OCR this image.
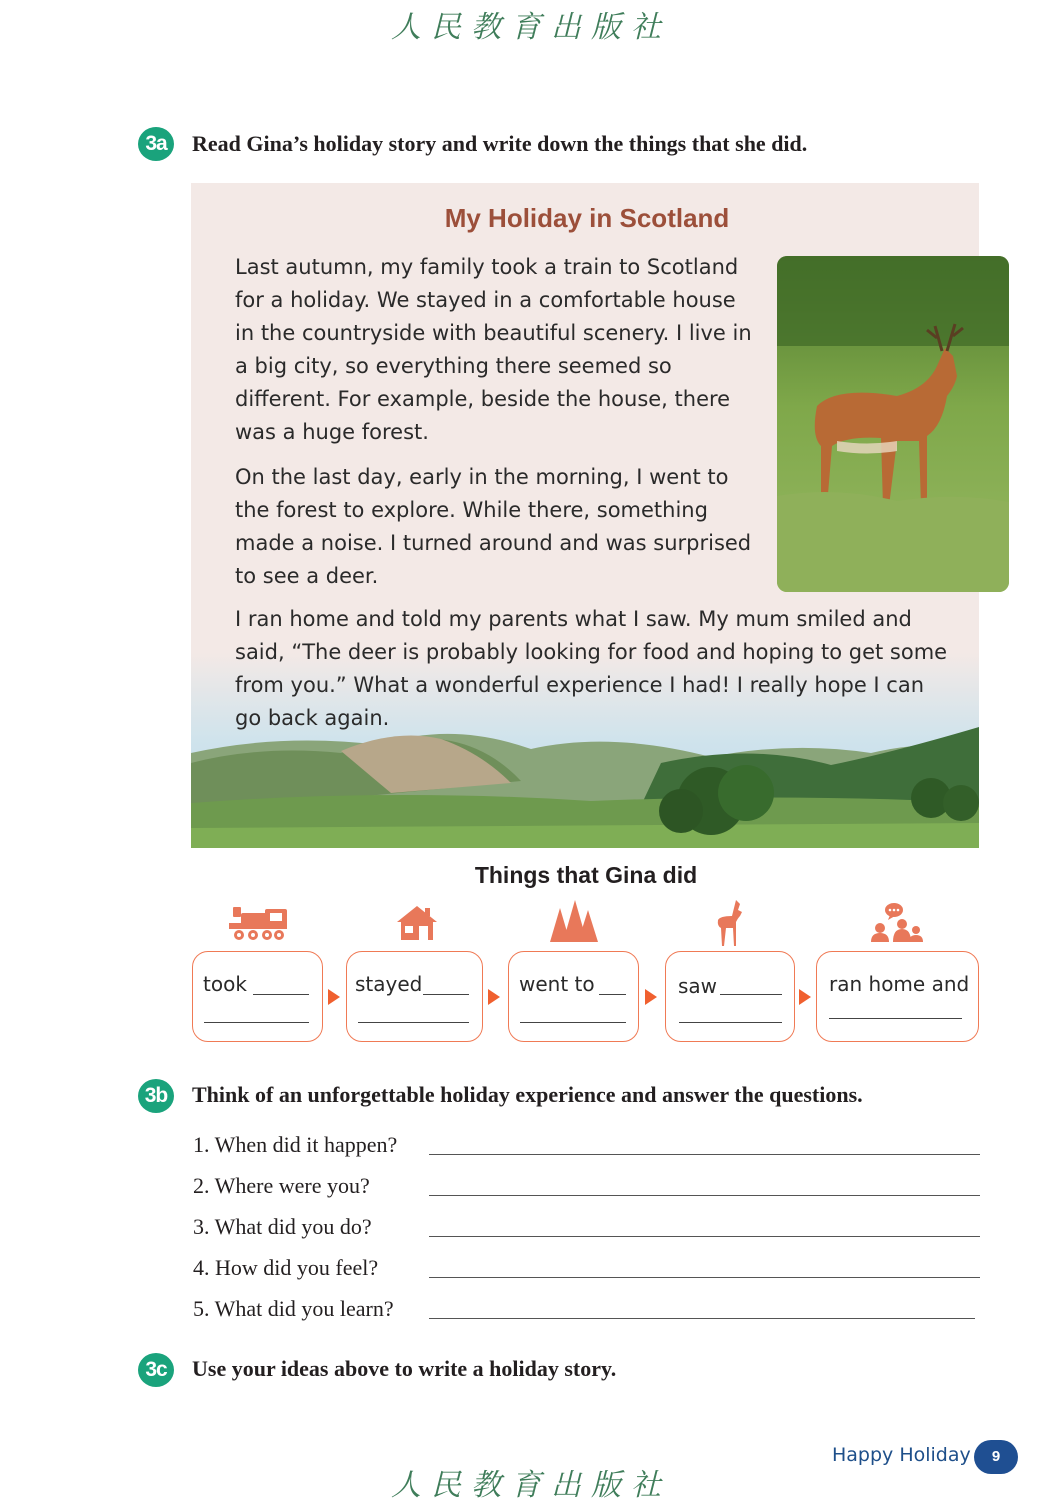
人民教育出版社
3a	Read Gina’s holiday story and write down the things that she did.
My Holiday in Scotland

Last autumn, my family took a train to Scotland for a holiday. We stayed in a comfortable house in the countryside with beautiful scenery. I live in a big city, so everything there seemed so different. For example, beside the house, there was a huge forest.

On the last day, early in the morning, I went to the forest to explore. While there, something made a noise. I turned around and was surprised to see a deer.

I ran home and told my parents what I saw. My mum smiled and said, “The deer is probably looking for food and hoping to get some from you.” What a wonderful experience I had! I really hope I can go back again.

Things that Gina did
took	stayed	went to	saw	ran home and
3b	Think of an unforgettable holiday experience and answer the questions.
1. When did it happen?
2. Where were you?
3. What did you do?
4. How did you feel?
5. What did you learn?
3c	Use your ideas above to write a holiday story.
人民教育出版社
Happy Holiday	9
